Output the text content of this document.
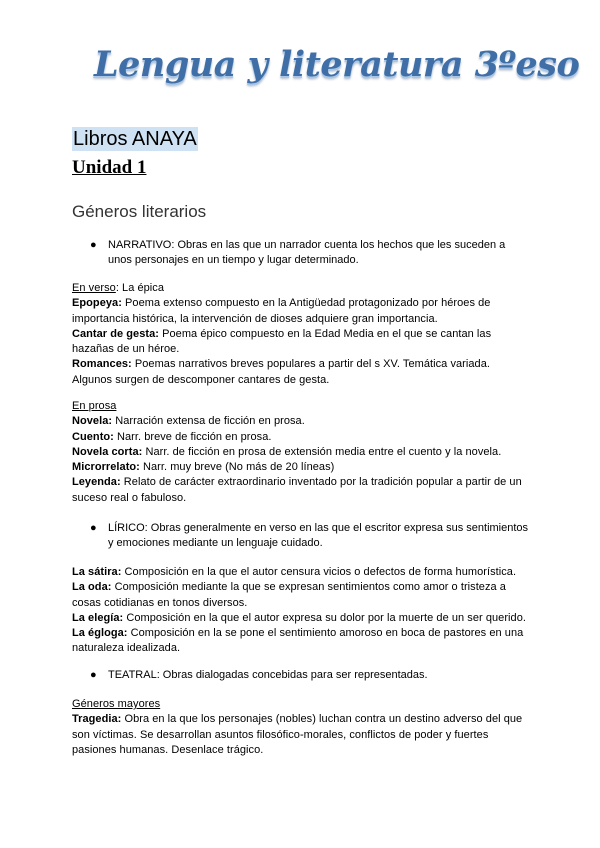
Lengua y literatura 3ºeso
Libros ANAYA
Unidad 1
Géneros literarios
●	NARRATIVO: Obras en las que un narrador cuenta los hechos que les suceden a unos personajes en un tiempo y lugar determinado.

En verso: La épica

Epopeya: Poema extenso compuesto en la Antigüedad protagonizado por héroes de importancia histórica, la intervención de dioses adquiere gran importancia.

Cantar de gesta: Poema épico compuesto en la Edad Media en el que se cantan las hazañas de un héroe.

Romances: Poemas narrativos breves populares a partir del s XV. Temática variada. Algunos surgen de descomponer cantares de gesta.

En prosa

Novela: Narración extensa de ficción en prosa.

Cuento: Narr. breve de ficción en prosa.

Novela corta: Narr. de ficción en prosa de extensión media entre el cuento y la novela.

Microrrelato: Narr. muy breve (No más de 20 líneas)

Leyenda: Relato de carácter extraordinario inventado por la tradición popular a partir de un suceso real o fabuloso.

●	LÍRICO: Obras generalmente en verso en las que el escritor expresa sus sentimientos y emociones mediante un lenguaje cuidado.

La sátira: Composición en la que el autor censura vicios o defectos de forma humorística.

La oda: Composición mediante la que se expresan sentimientos como amor o tristeza a cosas cotidianas en tonos diversos.

La elegía: Composición en la que el autor expresa su dolor por la muerte de un ser querido.

La égloga: Composición en la se pone el sentimiento amoroso en boca de pastores en una naturaleza idealizada.

●	TEATRAL: Obras dialogadas concebidas para ser representadas.

Géneros mayores

Tragedia: Obra en la que los personajes (nobles) luchan contra un destino adverso del que son víctimas. Se desarrollan asuntos filosófico-morales, conflictos de poder y fuertes pasiones humanas. Desenlace trágico.
